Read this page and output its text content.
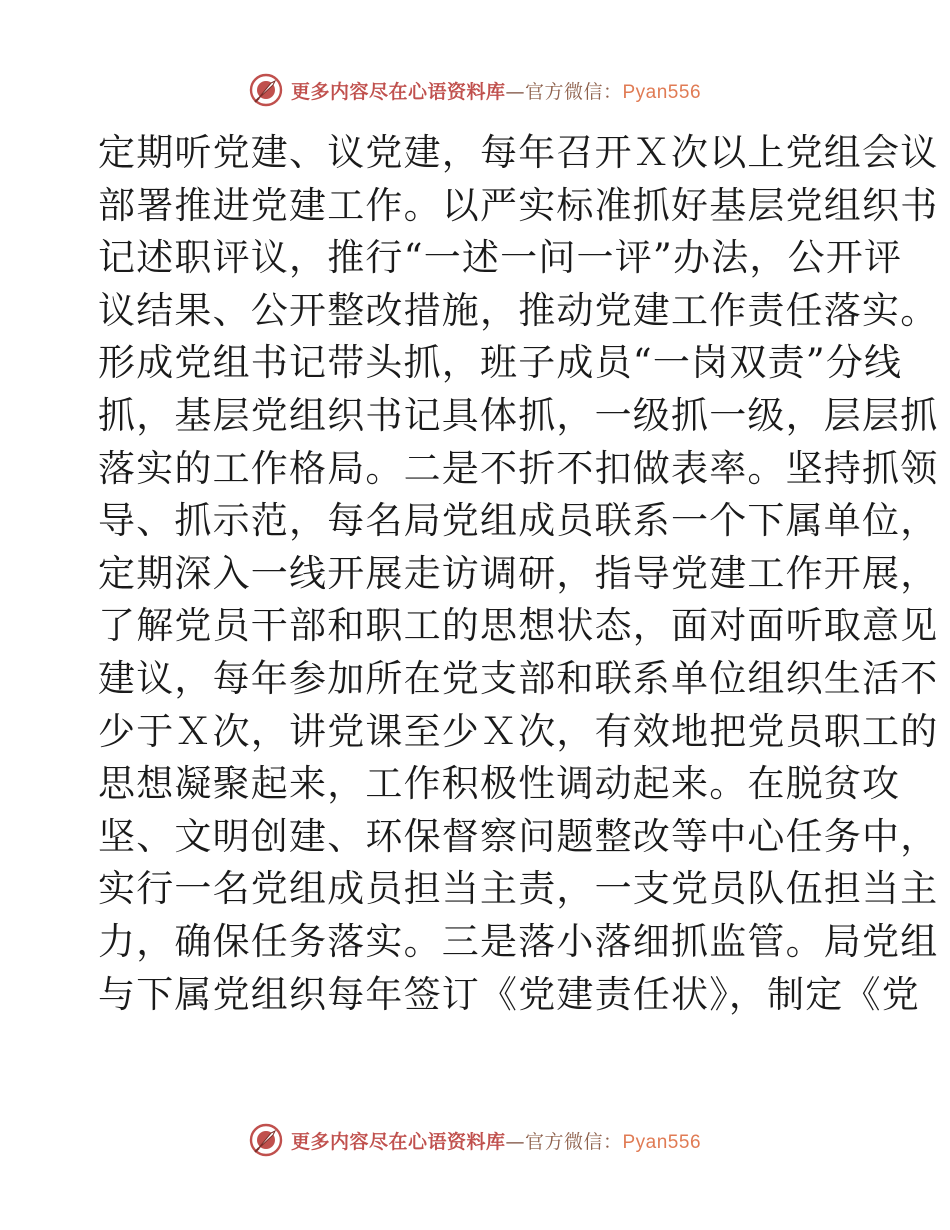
更多内容尽在心语资料库—官方微信：Pyan556
定期听党建、议党建，每年召开Ｘ次以上党组会议
部署推进党建工作。以严实标准抓好基层党组织书
记述职评议，推行“一述一问一评”办法，公开评
议结果、公开整改措施，推动党建工作责任落实。
形成党组书记带头抓，班子成员“一岗双责”分线
抓，基层党组织书记具体抓，一级抓一级，层层抓
落实的工作格局。二是不折不扣做表率。坚持抓领
导、抓示范，每名局党组成员联系一个下属单位，
定期深入一线开展走访调研，指导党建工作开展，
了解党员干部和职工的思想状态，面对面听取意见
建议，每年参加所在党支部和联系单位组织生活不
少于Ｘ次，讲党课至少Ｘ次，有效地把党员职工的
思想凝聚起来，工作积极性调动起来。在脱贫攻
坚、文明创建、环保督察问题整改等中心任务中，
实行一名党组成员担当主责，一支党员队伍担当主
力，确保任务落实。三是落小落细抓监管。局党组
与下属党组织每年签订《党建责任状》，制定《党
更多内容尽在心语资料库—官方微信：Pyan556
